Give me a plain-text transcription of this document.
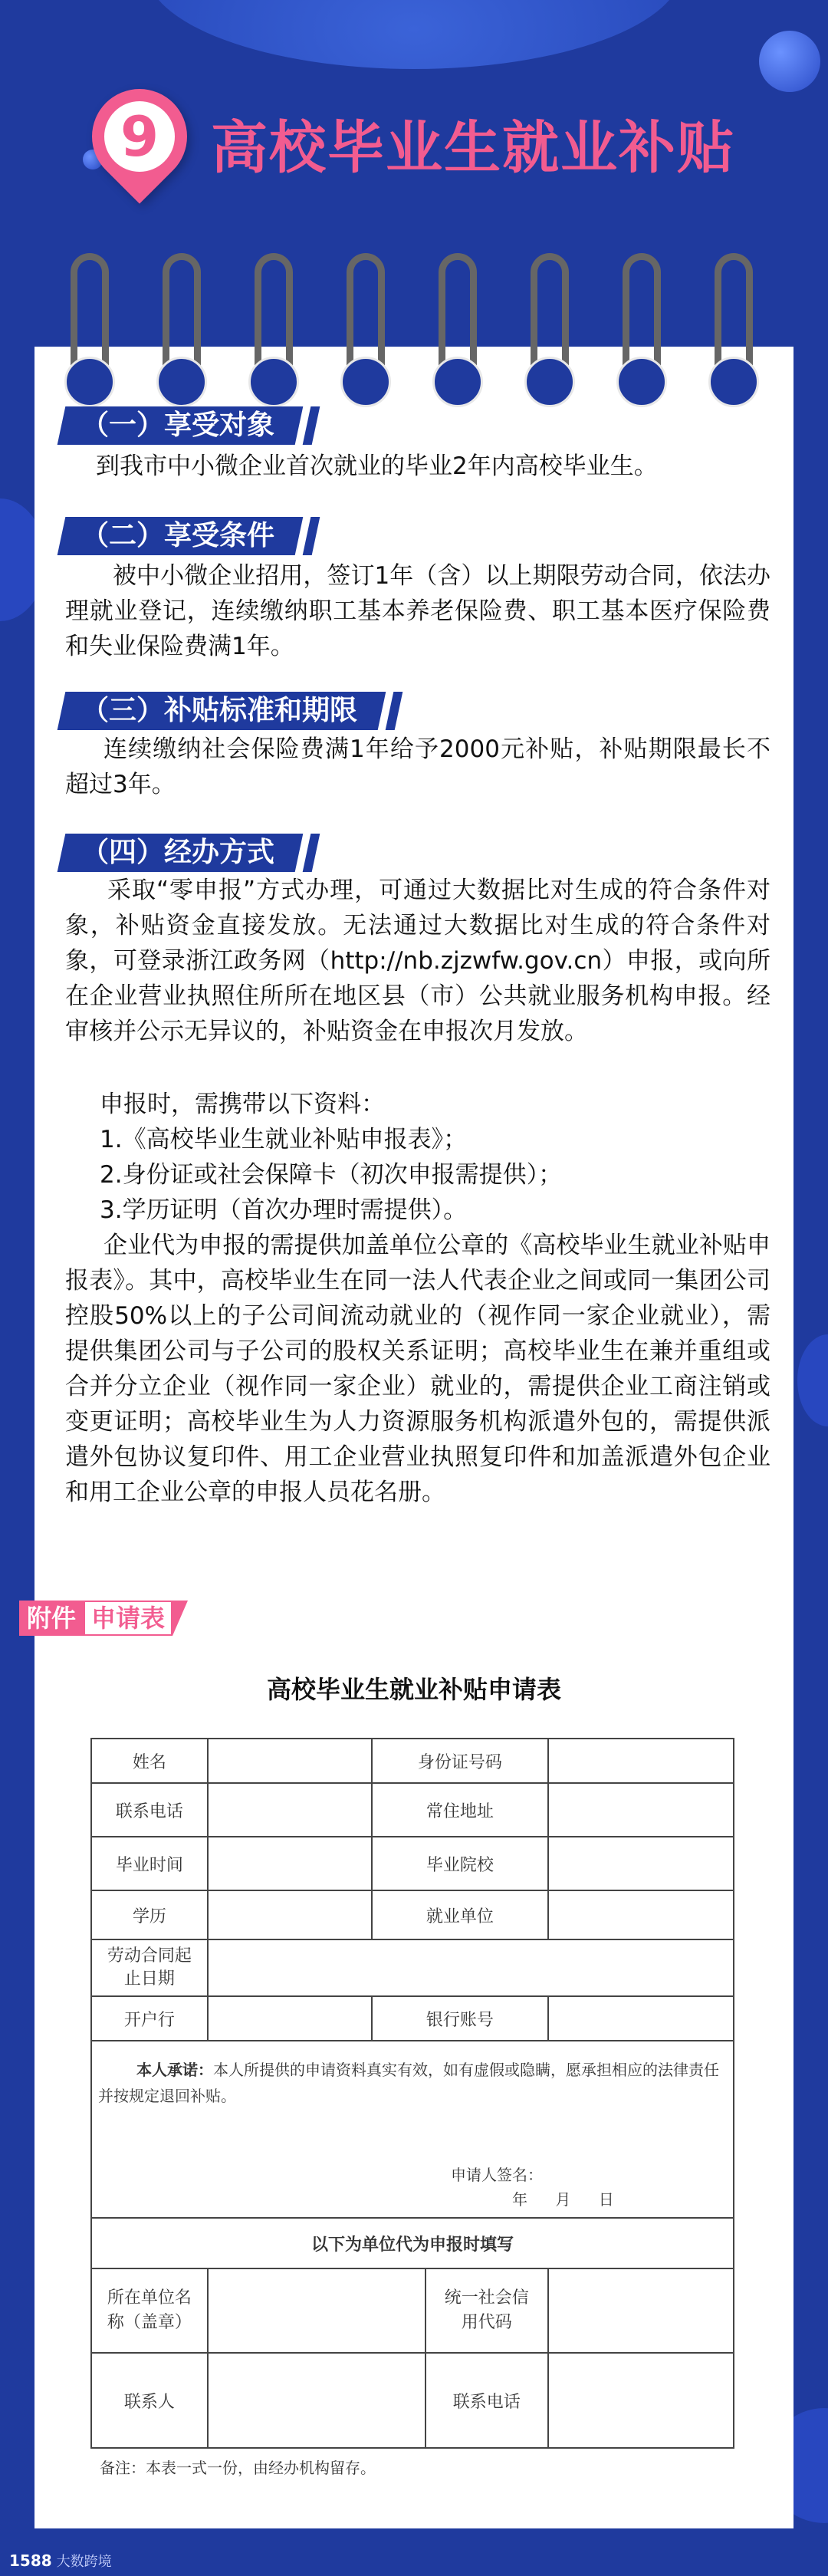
9 高校毕业生就业补贴
（一）享受对象
到我市中小微企业首次就业的毕业2年内高校毕业生。
（二）享受条件
被中小微企业招用，签订1年（含）以上期限劳动合同，依法办理就业登记，连续缴纳职工基本养老保险费、职工基本医疗保险费和失业保险费满1年。
（三）补贴标准和期限
连续缴纳社会保险费满1年给予2000元补贴，补贴期限最长不超过3年。
（四）经办方式
采取“零申报”方式办理，可通过大数据比对生成的符合条件对象，补贴资金直接发放。无法通过大数据比对生成的符合条件对象，可登录浙江政务网（http://nb.zjzwfw.gov.cn）申报，或向所在企业营业执照住所所在地区县（市）公共就业服务机构申报。经审核并公示无异议的，补贴资金在申报次月发放。
申报时，需携带以下资料：
1.《高校毕业生就业补贴申报表》；
2.身份证或社会保障卡（初次申报需提供）；
3.学历证明（首次办理时需提供）。
企业代为申报的需提供加盖单位公章的《高校毕业生就业补贴申报表》。其中，高校毕业生在同一法人代表企业之间或同一集团公司控股50%以上的子公司间流动就业的（视作同一家企业就业），需提供集团公司与子公司的股权关系证明；高校毕业生在兼并重组或合并分立企业（视作同一家企业）就业的，需提供企业工商注销或变更证明；高校毕业生为人力资源服务机构派遣外包的，需提供派遣外包协议复印件、用工企业营业执照复印件和加盖派遣外包企业和用工企业公章的申报人员花名册。
附件 申请表
高校毕业生就业补贴申请表
姓名		身份证号码		
联系电话		常住地址		
毕业时间		毕业院校		
学历		就业单位		
劳动合同起止日期				
开户行		银行账号		

本人承诺：本人所提供的申请资料真实有效，如有虚假或隐瞒，愿承担相应的法律责任并按规定退回补贴。
申请人签名：
年 月 日				

以下为单位代为申报时填写				
所在单位名称（盖章）			统一社会信用代码	
联系人			联系电话	
备注：本表一式一份，由经办机构留存。
1588 大数跨境
